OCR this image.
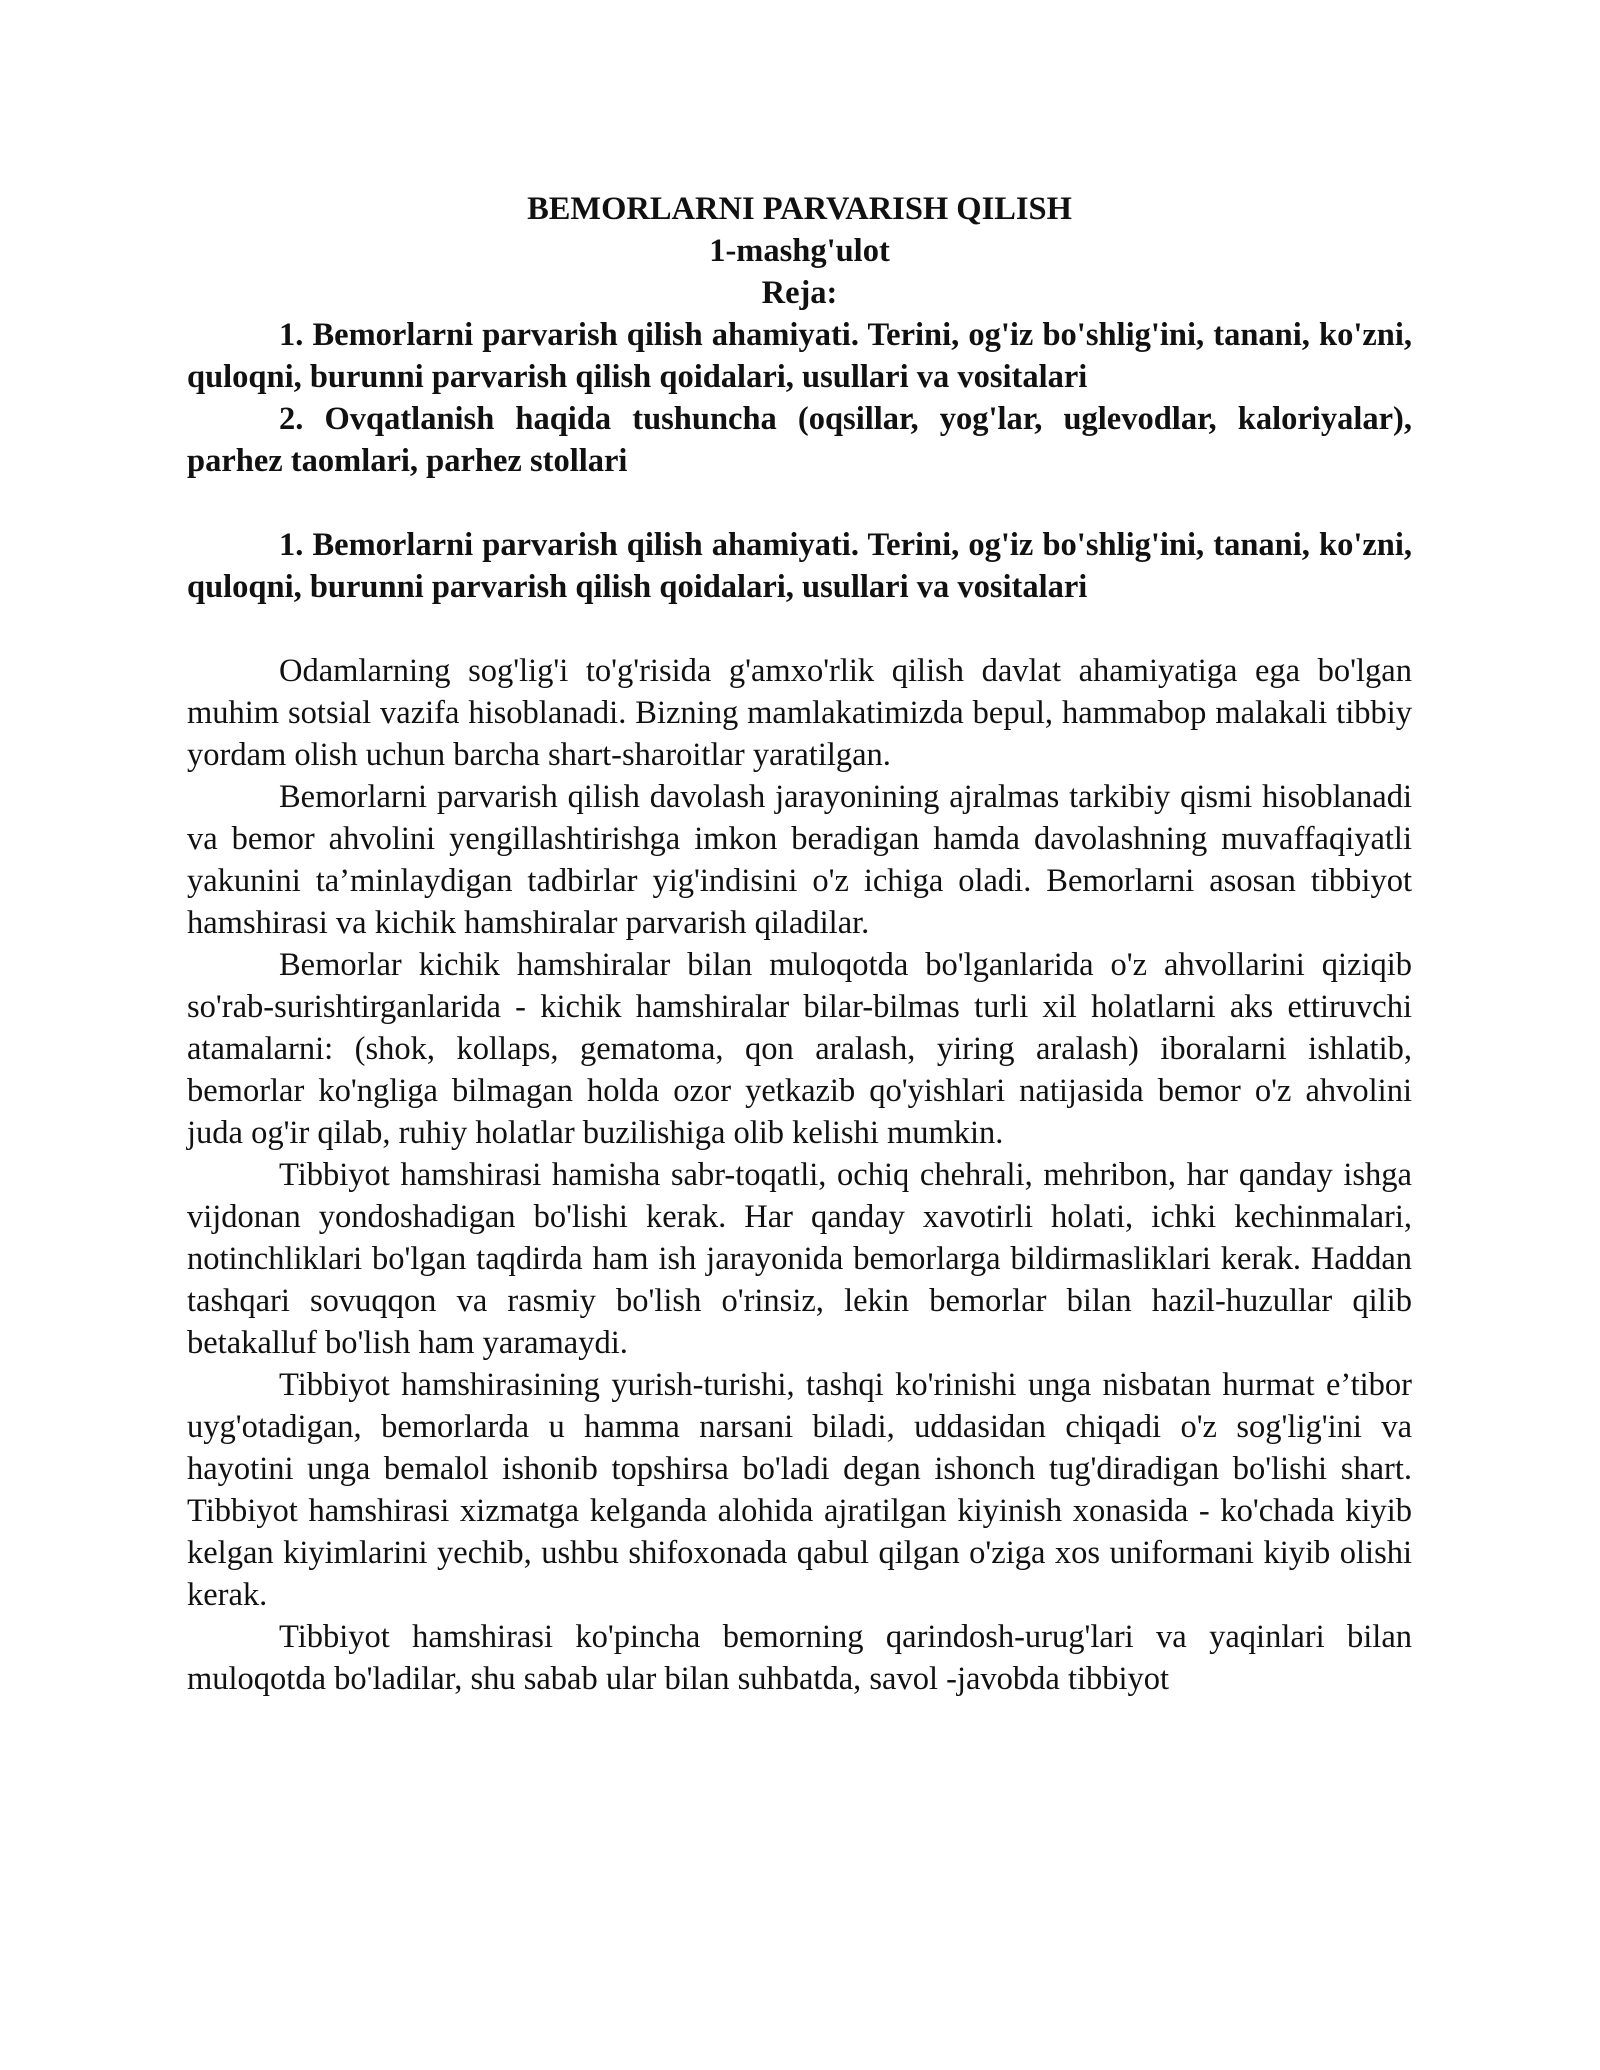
BEMORLARNI PARVARISH QILISH

1-mashg'ulot

Reja:

1. Bemorlarni parvarish qilish ahamiyati. Terini, og'iz bo'shlig'ini, tanani, ko'zni, quloqni, burunni parvarish qilish qoidalari, usullari va vositalari

2. Ovqatlanish haqida tushuncha (oqsillar, yog'lar, uglevodlar, kaloriyalar), parhez taomlari, parhez stollari

1. Bemorlarni parvarish qilish ahamiyati. Terini, og'iz bo'shlig'ini, tanani, ko'zni, quloqni, burunni parvarish qilish qoidalari, usullari va vositalari

Odamlarning sog'lig'i to'g'risida g'amxo'rlik qilish davlat ahamiyatiga ega bo'lgan muhim sotsial vazifa hisoblanadi. Bizning mamlakatimizda bepul, hammabop malakali tibbiy yordam olish uchun barcha shart-sharoitlar yaratilgan.

Bemorlarni parvarish qilish davolash jarayonining ajralmas tarkibiy qismi hisoblanadi va bemor ahvolini yengillashtirishga imkon beradigan hamda davolashning muvaffaqiyatli yakunini ta’minlaydigan tadbirlar yig'indisini o'z ichiga oladi. Bemorlarni asosan tibbiyot hamshirasi va kichik hamshiralar parvarish qiladilar.

Bemorlar kichik hamshiralar bilan muloqotda bo'lganlarida o'z ahvollarini qiziqib so'rab-surishtirganlarida - kichik hamshiralar bilar-bilmas turli xil holatlarni aks ettiruvchi atamalarni: (shok, kollaps, gematoma, qon aralash, yiring aralash) iboralarni ishlatib, bemorlar ko'ngliga bilmagan holda ozor yetkazib qo'yishlari natijasida bemor o'z ahvolini juda og'ir qilab, ruhiy holatlar buzilishiga olib kelishi mumkin.

Tibbiyot hamshirasi hamisha sabr-toqatli, ochiq chehrali, mehribon, har qanday ishga vijdonan yondoshadigan bo'lishi kerak. Har qanday xavotirli holati, ichki kechinmalari, notinchliklari bo'lgan taqdirda ham ish jarayonida bemorlarga bildirmasliklari kerak. Haddan tashqari sovuqqon va rasmiy bo'lish o'rinsiz, lekin bemorlar bilan hazil-huzullar qilib betakalluf bo'lish ham yaramaydi.

Tibbiyot hamshirasining yurish-turishi, tashqi ko'rinishi unga nisbatan hurmat e’tibor uyg'otadigan, bemorlarda u hamma narsani biladi, uddasidan chiqadi o'z sog'lig'ini va hayotini unga bemalol ishonib topshirsa bo'ladi degan ishonch tug'diradigan bo'lishi shart. Tibbiyot hamshirasi xizmatga kelganda alohida ajratilgan kiyinish xonasida - ko'chada kiyib kelgan kiyimlarini yechib, ushbu shifoxonada qabul qilgan o'ziga xos uniformani kiyib olishi kerak.

Tibbiyot hamshirasi ko'pincha bemorning qarindosh-urug'lari va yaqinlari bilan muloqotda bo'ladilar, shu sabab ular bilan suhbatda, savol -javobda tibbiyot
